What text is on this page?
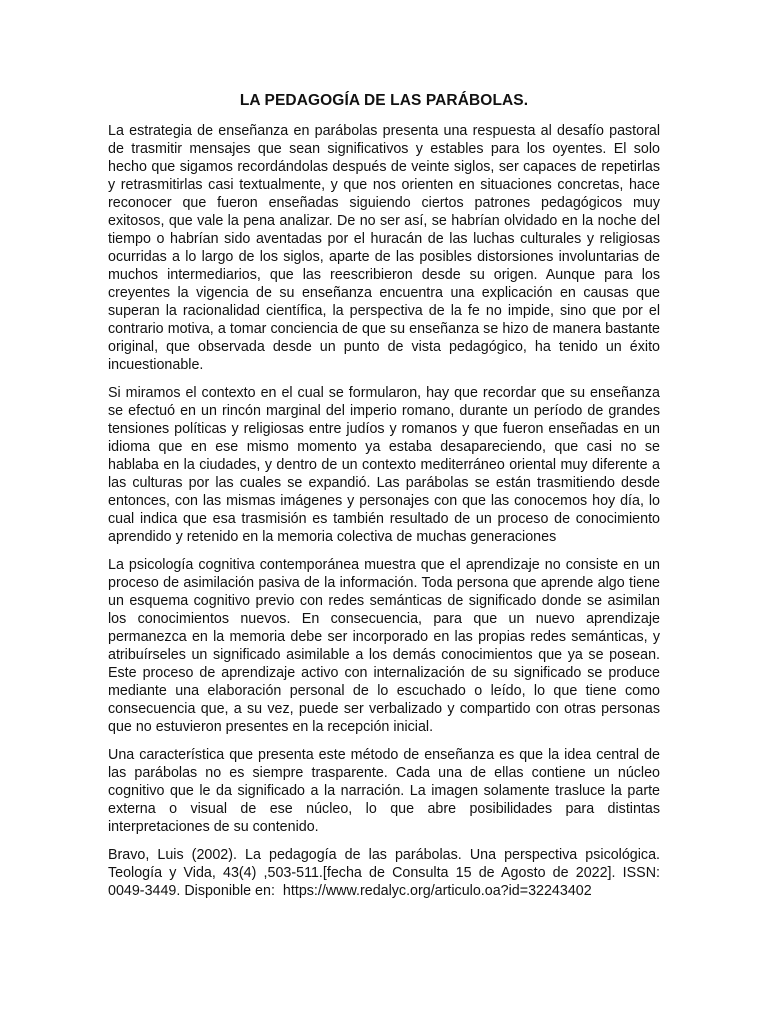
LA PEDAGOGÍA DE LAS PARÁBOLAS.

La estrategia de enseñanza en parábolas presenta una respuesta al desafío pastoral de trasmitir mensajes que sean significativos y estables para los oyentes. El solo hecho que sigamos recordándolas después de veinte siglos, ser capaces de repetirlas y retrasmitirlas casi textualmente, y que nos orienten en situaciones concretas, hace reconocer que fueron enseñadas siguiendo ciertos patrones pedagógicos muy exitosos, que vale la pena analizar. De no ser así, se habrían olvidado en la noche del tiempo o habrían sido aventadas por el huracán de las luchas culturales y religiosas ocurridas a lo largo de los siglos, aparte de las posibles distorsiones involuntarias de muchos intermediarios, que las reescribieron desde su origen. Aunque para los creyentes la vigencia de su enseñanza encuentra una explicación en causas que superan la racionalidad científica, la perspectiva de la fe no impide, sino que por el contrario motiva, a tomar conciencia de que su enseñanza se hizo de manera bastante original, que observada desde un punto de vista pedagógico, ha tenido un éxito incuestionable.

Si miramos el contexto en el cual se formularon, hay que recordar que su enseñanza se efectuó en un rincón marginal del imperio romano, durante un período de grandes tensiones políticas y religiosas entre judíos y romanos y que fueron enseñadas en un idioma que en ese mismo momento ya estaba desapareciendo, que casi no se hablaba en la ciudades, y dentro de un contexto mediterráneo oriental muy diferente a las culturas por las cuales se expandió. Las parábolas se están trasmitiendo desde entonces, con las mismas imágenes y personajes con que las conocemos hoy día, lo cual indica que esa trasmisión es también resultado de un proceso de conocimiento aprendido y retenido en la memoria colectiva de muchas generaciones

La psicología cognitiva contemporánea muestra que el aprendizaje no consiste en un proceso de asimilación pasiva de la información. Toda persona que aprende algo tiene un esquema cognitivo previo con redes semánticas de significado donde se asimilan los conocimientos nuevos. En consecuencia, para que un nuevo aprendizaje permanezca en la memoria debe ser incorporado en las propias redes semánticas, y atribuírseles un significado asimilable a los demás conocimientos que ya se posean. Este proceso de aprendizaje activo con internalización de su significado se produce mediante una elaboración personal de lo escuchado o leído, lo que tiene como consecuencia que, a su vez, puede ser verbalizado y compartido con otras personas que no estuvieron presentes en la recepción inicial.

Una característica que presenta este método de enseñanza es que la idea central de las parábolas no es siempre trasparente. Cada una de ellas contiene un núcleo cognitivo que le da significado a la narración. La imagen solamente trasluce la parte externa o visual de ese núcleo, lo que abre posibilidades para distintas interpretaciones de su contenido.

Bravo, Luis (2002). La pedagogía de las parábolas. Una perspectiva psicológica. Teología y Vida, 43(4) ,503-511.[fecha de Consulta 15 de Agosto de 2022]. ISSN: 0049-3449. Disponible en: https://www.redalyc.org/articulo.oa?id=32243402
